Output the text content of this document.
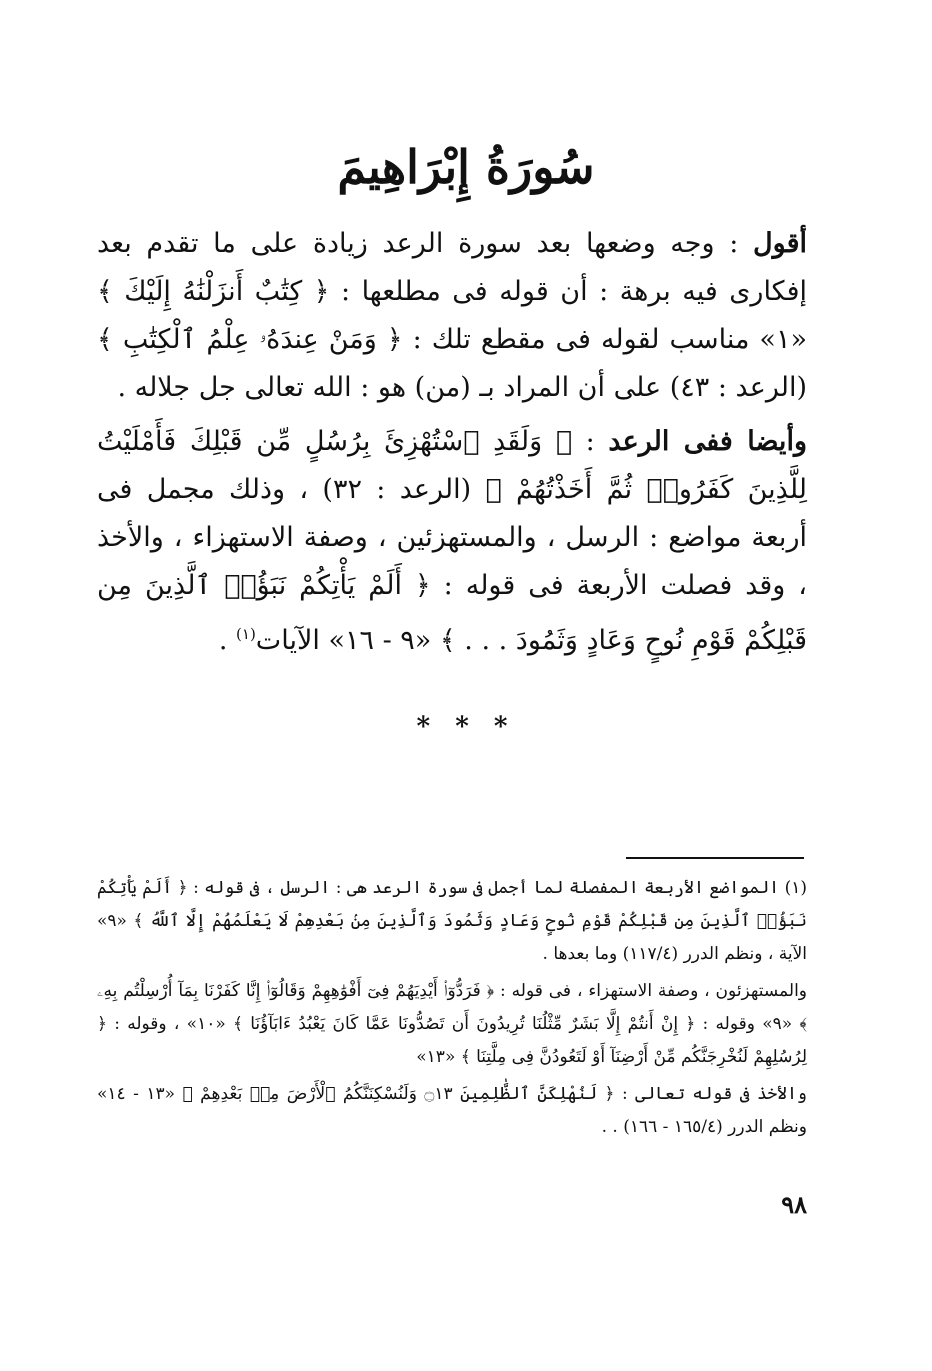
سُورَةُ إِبْرَاهِيمَ

أقول : وجه وضعها بعد سورة الرعد زيادة على ما تقدم بعد إفكارى فيه برهة : أن قوله فى مطلعها : ﴿ كِتَٰبٌ أَنزَلْنَٰهُ إِلَيْكَ ﴾ «١» مناسب لقوله فى مقطع تلك : ﴿ وَمَنْ عِندَهُۥ عِلْمُ ٱلْكِتَٰبِ ﴾ (الرعد : ٤٣) على أن المراد بـ (من) هو : الله تعالى جل جلاله .

وأيضا ففى الرعد : ﴿ وَلَقَدِ ٱسْتُهْزِئَ بِرُسُلٍ مِّن قَبْلِكَ فَأَمْلَيْتُ لِلَّذِينَ كَفَرُوا۟ ثُمَّ أَخَذْتُهُمْ ﴾ (الرعد : ٣٢) ، وذلك مجمل فى أربعة مواضع : الرسل ، والمستهزئين ، وصفة الاستهزاء ، والأخذ ، وقد فصلت الأربعة فى قوله : ﴿ أَلَمْ يَأْتِكُمْ نَبَؤُا۟ ٱلَّذِينَ مِن قَبْلِكُمْ قَوْمِ نُوحٍ وَعَادٍ وَثَمُودَ . . . ﴾ «٩ - ١٦» الآيات$^{(١)}$ .

* * *

(١) المواضع الأربعة المفصلة لما أجمل فى سورة الرعد هى : الرسل ، فى قوله : ﴿ أَلَمْ يَأْتِكُمْ نَبَؤُا۟ ٱلَّذِينَ مِن قَبْلِكُمْ قَوْمِ نُوحٍ وَعَادٍ وَثَمُودَ وَٱلَّذِينَ مِنۢ بَعْدِهِمْ لَا يَعْلَمُهُمْ إِلَّا ٱللَّهُ ﴾ «٩» الآية ، ونظم الدرر (١١٧/٤) وما بعدها .

والمستهزئون ، وصفة الاستهزاء ، فى قوله : ﴿ فَرَدُّوٓا۟ أَيْدِيَهُمْ فِىٓ أَفْوَٰهِهِمْ وَقَالُوٓا۟ إِنَّا كَفَرْنَا بِمَآ أُرْسِلْتُم بِهِۦ ﴾ «٩» وقوله : ﴿ إِنْ أَنتُمْ إِلَّا بَشَرٌ مِّثْلُنَا تُرِيدُونَ أَن تَصُدُّونَا عَمَّا كَانَ يَعْبُدُ ءَابَآؤُنَا ﴾ «١٠» ، وقوله : ﴿ لِرُسُلِهِمْ لَنُخْرِجَنَّكُم مِّنْ أَرْضِنَآ أَوْ لَتَعُودُنَّ فِى مِلَّتِنَا ﴾ «١٣»

والأخذ فى قوله تعالى : ﴿ لَنُهْلِكَنَّ ٱلظَّٰلِمِينَ ۝١٣ وَلَنُسْكِنَنَّكُمُ ٱلْأَرْضَ مِنۢ بَعْدِهِمْ ﴾ «١٣ - ١٤» ونظم الدرر (١٦٥/٤ - ١٦٦) . .

٩٨
